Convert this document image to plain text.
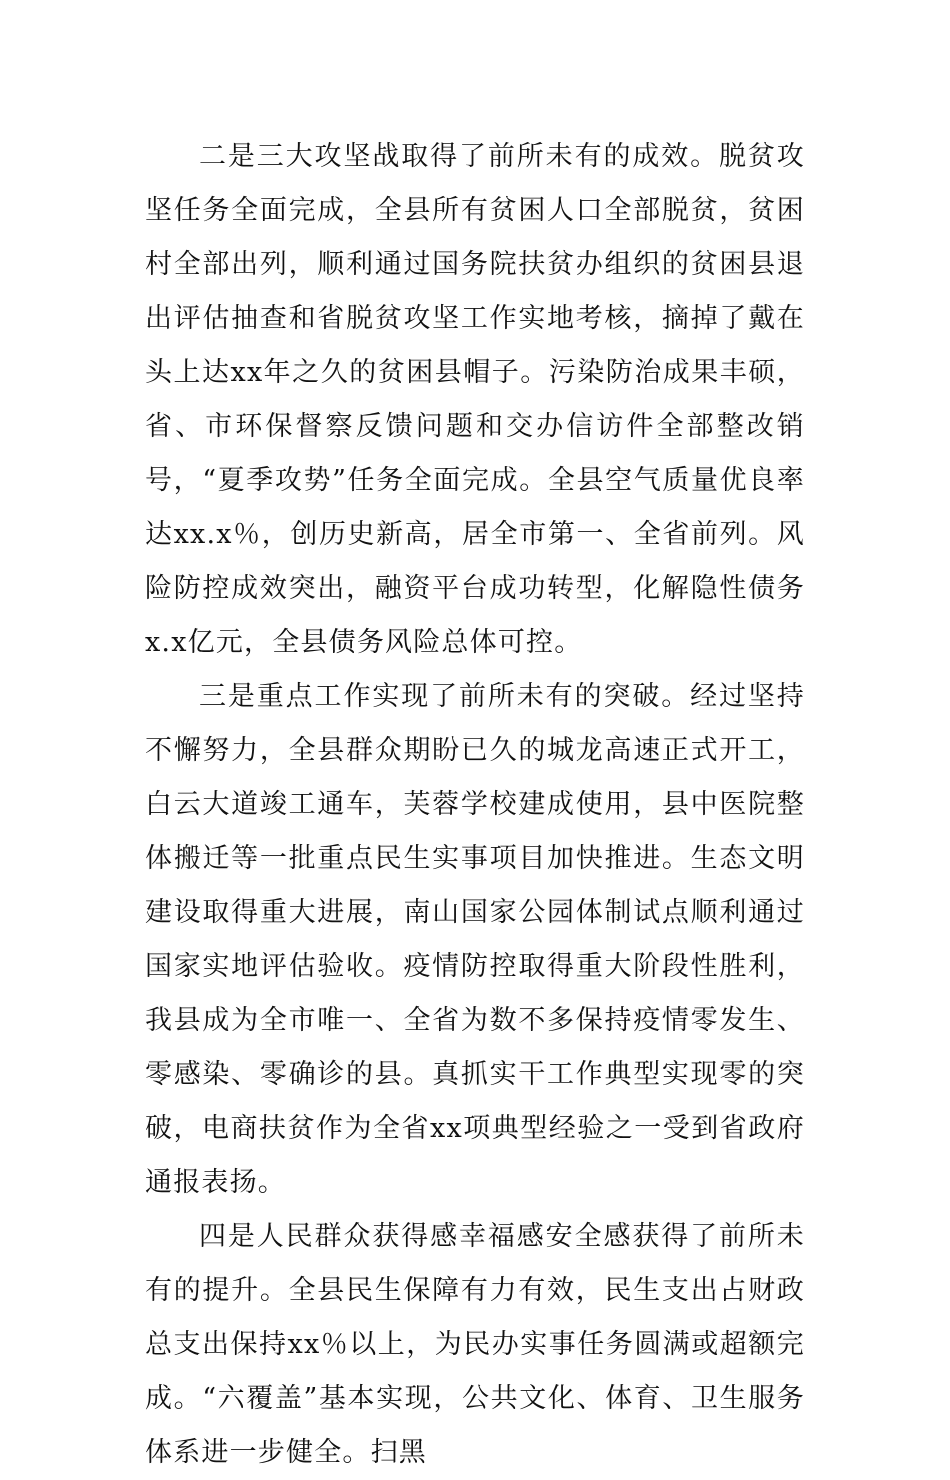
二是三大攻坚战取得了前所未有的成效。脱贫攻坚任务全面完成，全县所有贫困人口全部脱贫，贫困村全部出列，顺利通过国务院扶贫办组织的贫困县退出评估抽查和省脱贫攻坚工作实地考核，摘掉了戴在头上达xx年之久的贫困县帽子。污染防治成果丰硕，省、市环保督察反馈问题和交办信访件全部整改销号，“夏季攻势”任务全面完成。全县空气质量优良率达xx.x％，创历史新高，居全市第一、全省前列。风险防控成效突出，融资平台成功转型，化解隐性债务x.x亿元，全县债务风险总体可控。

三是重点工作实现了前所未有的突破。经过坚持不懈努力，全县群众期盼已久的城龙高速正式开工，白云大道竣工通车，芙蓉学校建成使用，县中医院整体搬迁等一批重点民生实事项目加快推进。生态文明建设取得重大进展，南山国家公园体制试点顺利通过国家实地评估验收。疫情防控取得重大阶段性胜利，我县成为全市唯一、全省为数不多保持疫情零发生、零感染、零确诊的县。真抓实干工作典型实现零的突破，电商扶贫作为全省xx项典型经验之一受到省政府通报表扬。

四是人民群众获得感幸福感安全感获得了前所未有的提升。全县民生保障有力有效，民生支出占财政总支出保持xx％以上，为民办实事任务圆满或超额完成。“六覆盖”基本实现，公共文化、体育、卫生服务体系进一步健全。扫黑
